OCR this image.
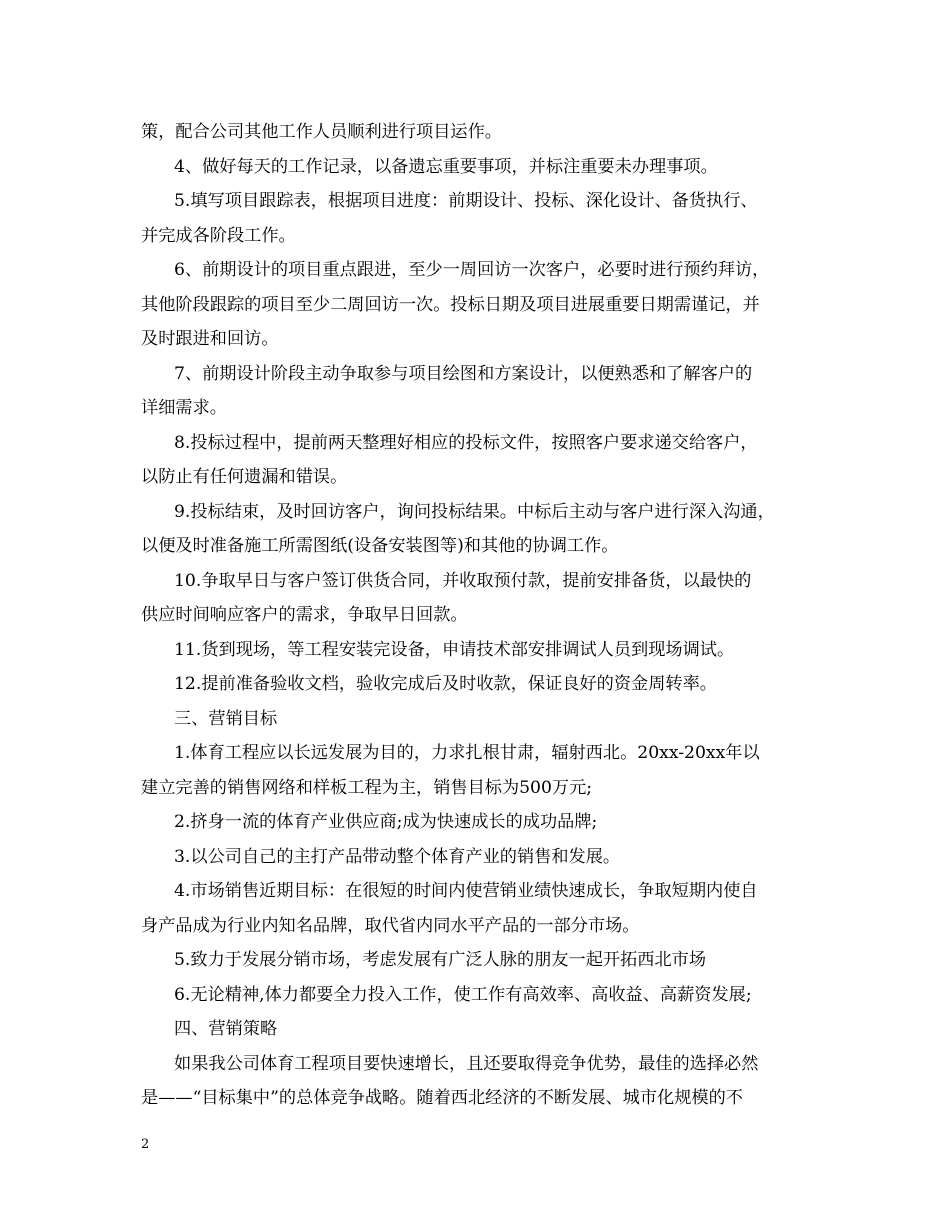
策，配合公司其他工作人员顺利进行项目运作。
4、做好每天的工作记录，以备遗忘重要事项，并标注重要未办理事项。
5.填写项目跟踪表，根据项目进度：前期设计、投标、深化设计、备货执行、
并完成各阶段工作。
6、前期设计的项目重点跟进，至少一周回访一次客户，必要时进行预约拜访，
其他阶段跟踪的项目至少二周回访一次。投标日期及项目进展重要日期需谨记，并
及时跟进和回访。
7、前期设计阶段主动争取参与项目绘图和方案设计，以便熟悉和了解客户的
详细需求。
8.投标过程中，提前两天整理好相应的投标文件，按照客户要求递交给客户，
以防止有任何遗漏和错误。
9.投标结束，及时回访客户，询问投标结果。中标后主动与客户进行深入沟通，
以便及时准备施工所需图纸(设备安装图等)和其他的协调工作。
10.争取早日与客户签订供货合同，并收取预付款，提前安排备货，以最快的
供应时间响应客户的需求，争取早日回款。
11.货到现场，等工程安装完设备，申请技术部安排调试人员到现场调试。
12.提前准备验收文档，验收完成后及时收款，保证良好的资金周转率。
三、营销目标
1.体育工程应以长远发展为目的，力求扎根甘肃，辐射西北。20xx-20xx年以
建立完善的销售网络和样板工程为主，销售目标为500万元;
2.挤身一流的体育产业供应商;成为快速成长的成功品牌;
3.以公司自己的主打产品带动整个体育产业的销售和发展。
4.市场销售近期目标：在很短的时间内使营销业绩快速成长，争取短期内使自
身产品成为行业内知名品牌，取代省内同水平产品的一部分市场。
5.致力于发展分销市场，考虑发展有广泛人脉的朋友一起开拓西北市场
6.无论精神,体力都要全力投入工作，使工作有高效率、高收益、高薪资发展;
四、营销策略
如果我公司体育工程项目要快速增长，且还要取得竞争优势，最佳的选择必然
是——“目标集中”的总体竞争战略。随着西北经济的不断发展、城市化规模的不
2
